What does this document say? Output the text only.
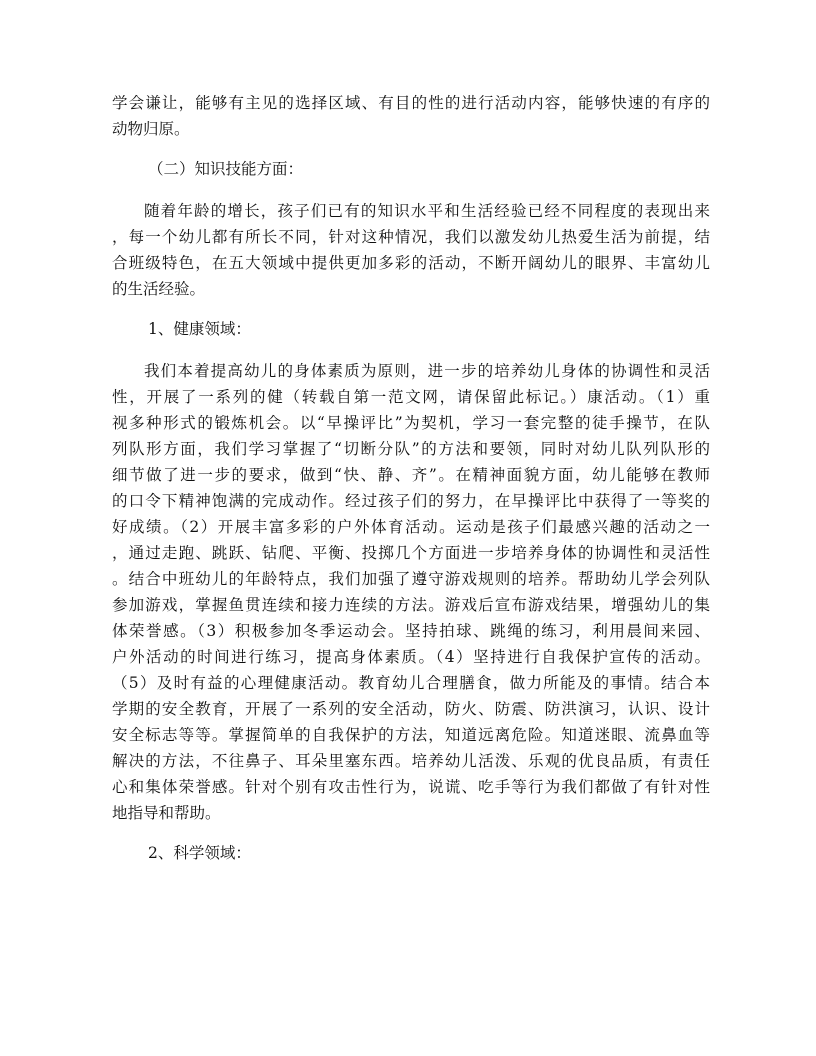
学会谦让，能够有主见的选择区域、有目的性的进行活动内容，能够快速的有序的
动物归原。
（二）知识技能方面：
随着年龄的增长，孩子们已有的知识水平和生活经验已经不同程度的表现出来
，每一个幼儿都有所长不同，针对这种情况，我们以激发幼儿热爱生活为前提，结
合班级特色，在五大领域中提供更加多彩的活动，不断开阔幼儿的眼界、丰富幼儿
的生活经验。
1、健康领域：
我们本着提高幼儿的身体素质为原则，进一步的培养幼儿身体的协调性和灵活
性，开展了一系列的健（转载自第一范文网，请保留此标记。）康活动。（1）重
视多种形式的锻炼机会。以“早操评比”为契机，学习一套完整的徒手操节，在队
列队形方面，我们学习掌握了“切断分队”的方法和要领，同时对幼儿队列队形的
细节做了进一步的要求，做到“快、静、齐”。在精神面貌方面，幼儿能够在教师
的口令下精神饱满的完成动作。经过孩子们的努力，在早操评比中获得了一等奖的
好成绩。（2）开展丰富多彩的户外体育活动。运动是孩子们最感兴趣的活动之一
，通过走跑、跳跃、钻爬、平衡、投掷几个方面进一步培养身体的协调性和灵活性
。结合中班幼儿的年龄特点，我们加强了遵守游戏规则的培养。帮助幼儿学会列队
参加游戏，掌握鱼贯连续和接力连续的方法。游戏后宣布游戏结果，增强幼儿的集
体荣誉感。（3）积极参加冬季运动会。坚持拍球、跳绳的练习，利用晨间来园、
户外活动的时间进行练习，提高身体素质。（4）坚持进行自我保护宣传的活动。
（5）及时有益的心理健康活动。教育幼儿合理膳食，做力所能及的事情。结合本
学期的安全教育，开展了一系列的安全活动，防火、防震、防洪演习，认识、设计
安全标志等等。掌握简单的自我保护的方法，知道远离危险。知道迷眼、流鼻血等
解决的方法，不往鼻子、耳朵里塞东西。培养幼儿活泼、乐观的优良品质，有责任
心和集体荣誉感。针对个别有攻击性行为，说谎、吃手等行为我们都做了有针对性
地指导和帮助。
2、科学领域：
